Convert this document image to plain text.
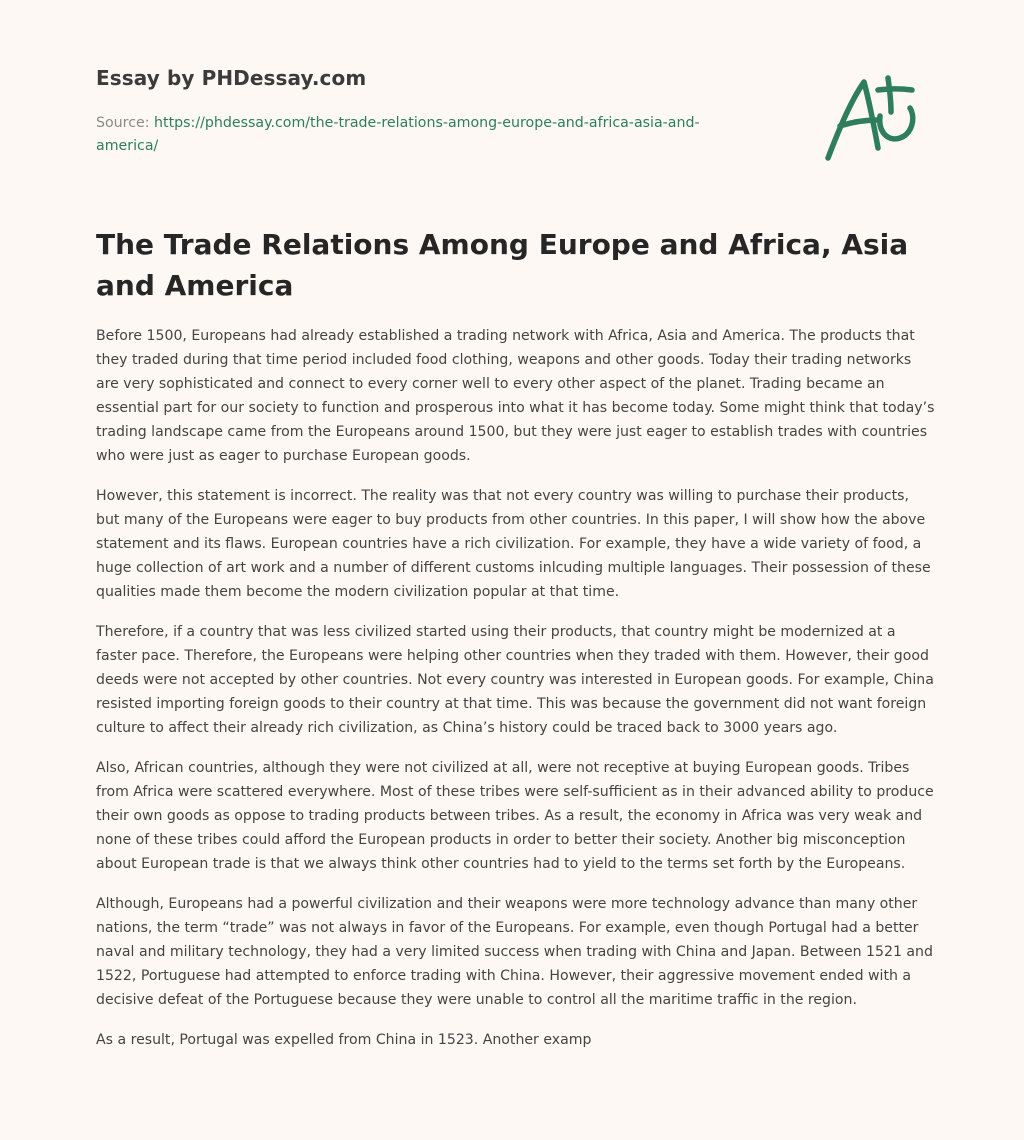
Essay by PHDessay.com
Source: https://phdessay.com/the-trade-relations-among-europe-and-africa-asia-and-america/
The Trade Relations Among Europe and Africa, Asia and America

Before 1500, Europeans had already established a trading network with Africa, Asia and America. The products that they traded during that time period included food clothing, weapons and other goods. Today their trading networks are very sophisticated and connect to every corner well to every other aspect of the planet. Trading became an essential part for our society to function and prosperous into what it has become today. Some might think that today’s trading landscape came from the Europeans around 1500, but they were just eager to establish trades with countries who were just as eager to purchase European goods.

However, this statement is incorrect. The reality was that not every country was willing to purchase their products, but many of the Europeans were eager to buy products from other countries. In this paper, I will show how the above statement and its flaws. European countries have a rich civilization. For example, they have a wide variety of food, a huge collection of art work and a number of different customs inlcuding multiple languages. Their possession of these qualities made them become the modern civilization popular at that time.

Therefore, if a country that was less civilized started using their products, that country might be modernized at a faster pace. Therefore, the Europeans were helping other countries when they traded with them. However, their good deeds were not accepted by other countries. Not every country was interested in European goods. For example, China resisted importing foreign goods to their country at that time. This was because the government did not want foreign culture to affect their already rich civilization, as China’s history could be traced back to 3000 years ago.

Also, African countries, although they were not civilized at all, were not receptive at buying European goods. Tribes from Africa were scattered everywhere. Most of these tribes were self-sufficient as in their advanced ability to produce their own goods as oppose to trading products between tribes. As a result, the economy in Africa was very weak and none of these tribes could afford the European products in order to better their society. Another big misconception about European trade is that we always think other countries had to yield to the terms set forth by the Europeans.

Although, Europeans had a powerful civilization and their weapons were more technology advance than many other nations, the term “trade” was not always in favor of the Europeans. For example, even though Portugal had a better naval and military technology, they had a very limited success when trading with China and Japan. Between 1521 and 1522, Portuguese had attempted to enforce trading with China. However, their aggressive movement ended with a decisive defeat of the Portuguese because they were unable to control all the maritime traffic in the region.

As a result, Portugal was expelled from China in 1523. Another examp
